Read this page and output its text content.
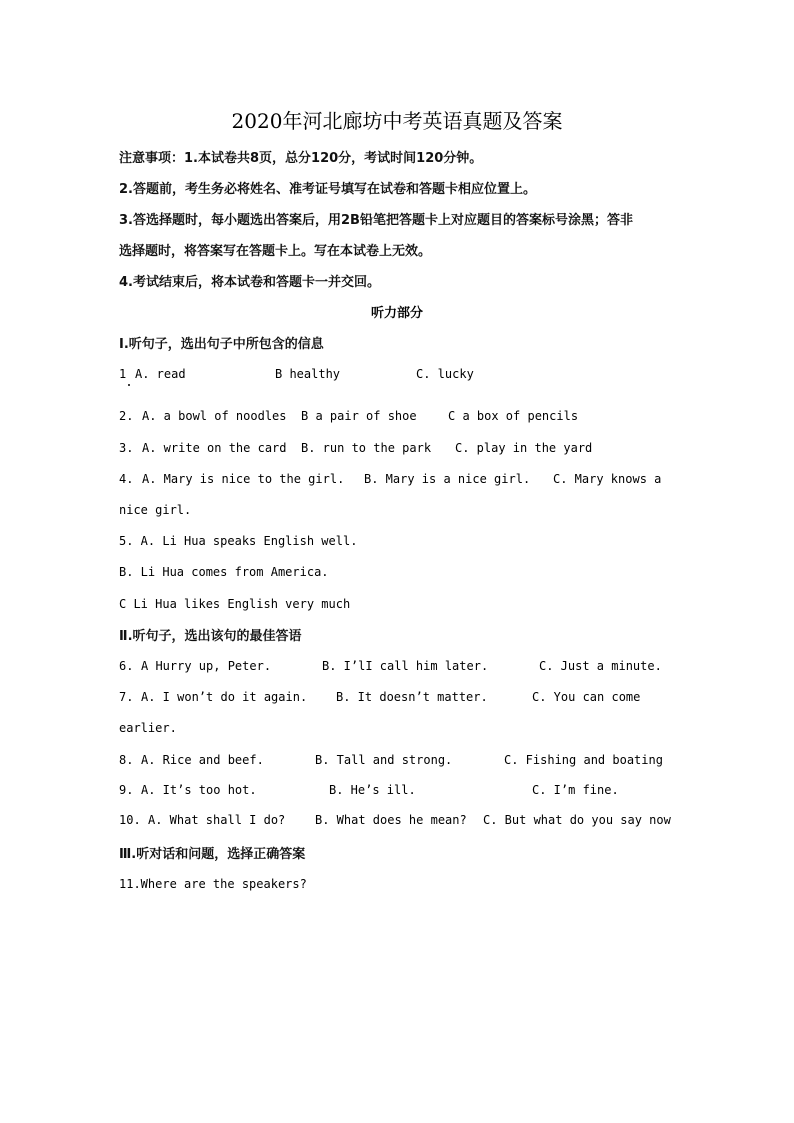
2020年河北廊坊中考英语真题及答案
注意事项：1.本试卷共8页，总分120分，考试时间120分钟。
2.答题前，考生务必将姓名、准考证号填写在试卷和答题卡相应位置上。
3.答选择题时，每小题选出答案后，用2B铅笔把答题卡上对应题目的答案标号涂黑；答非
选择题时，将答案写在答题卡上。写在本试卷上无效。
4.考试结束后，将本试卷和答题卡一并交回。
听力部分
Ⅰ.听句子，选出句子中所包含的信息
1 A. read	B healthy	C. lucky
2. A. a bowl of noodles B a pair of shoe	C a box of pencils
3. A. write on the card B. run to the park C. play in the yard
4. A. Mary is nice to the girl. B. Mary is a nice girl. C. Mary knows a
nice girl.
5. A. Li Hua speaks English well.
B. Li Hua comes from America.
C Li Hua likes English very much
Ⅱ.听句子，选出该句的最佳答语
6. A Hurry up, Peter.	B. I’lI call him later.	C. Just a minute.
7. A. I won’t do it again. B. It doesn’t matter.	C. You can come
earlier.
8. A. Rice and beef.	B. Tall and strong.	C. Fishing and boating
9. A. It’s too hot.	B. He’s ill.	C. I’m fine.
10. A. What shall I do? B. What does he mean? C. But what do you say now
Ⅲ.听对话和问题，选择正确答案
11.Where are the speakers?
